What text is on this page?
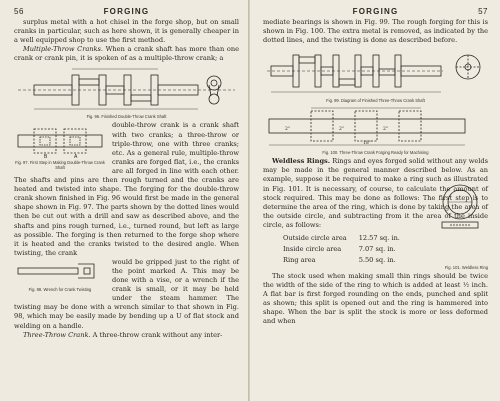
56	FORGING

surplus metal with a hot chisel in the forge shop, but on small cranks in particular, such as here shown, it is generally cheaper in a well equipped shop to use the first method.

Multiple-Throw Cranks. When a crank shaft has more than one crank or crank pin, it is spoken of as a multiple-throw crank; a

Fig. 96. Finished Double-Throw Crank Shaft
B	A
Fig. 97. First Step in Making Double-Throw Crank Shaft

double-throw crank is a crank shaft with two cranks; a three-throw or triple-throw, one with three cranks; etc. As a general rule, multiple-throw cranks are forged flat, i.e., the cranks are all forged in line with each other. The shafts and pins are then rough turned and the cranks are heated and twisted into shape. The forging for the double-throw crank shown finished in Fig. 96 would first be made in the general shape shown in Fig. 97. The parts shown by the dotted lines would then be cut out with a drill and saw as described above, and the shafts and pins rough turned, i.e., turned round, but left as large as possible. The forging is then returned to the forge shop where it is heated and the cranks twisted to the desired angle. When twisting, the crank

Fig. 98. Wrench for Crank Twisting

would be gripped just to the right of the point marked A. This may be done with a vise, or a wrench if the crank is small, or it may be held under the steam hammer. The twisting may be done with a wrench similar to that shown in Fig. 98, which may be easily made by bending up a U of flat stock and welding on a handle.

Three-Throw Crank. A three-throw crank without any inter-

FORGING	57

mediate bearings is shown in Fig. 99. The rough forging for this is shown in Fig. 100. The extra metal is removed, as indicated by the dotted lines, and the twisting is done as described before.

Fig. 99. Diagram of Finished Three-Throw Crank Shaft
2"	2"	2"
18"
Fig. 100. Three-Throw Crank Forging Ready for Machining

Weldless Rings. Rings and eyes forged solid without any welds may be made in the general manner described below. As an example, suppose it be required to make a ring such as illustrated in Fig. 101. It is necessary, of course, to calculate the amount of stock required. This may be done as follows: The first step is to determine the area of the ring, which is done by taking the area of the outside circle, and subtracting from it the area of the inside circle, as follows:

Outside circle area	12.57 sq. in.
Inside circle area	7.07 sq. in.
Ring area	5.50 sq. in.
Fig. 101. Weldless Ring

The stock used when making small thin rings should be twice the width of the side of the ring to which is added at least ½ inch. A flat bar is first forged rounding on the ends, punched and split as shown; this split is opened out and the ring is hammered into shape. When the bar is split the stock is more or less deformed and when
